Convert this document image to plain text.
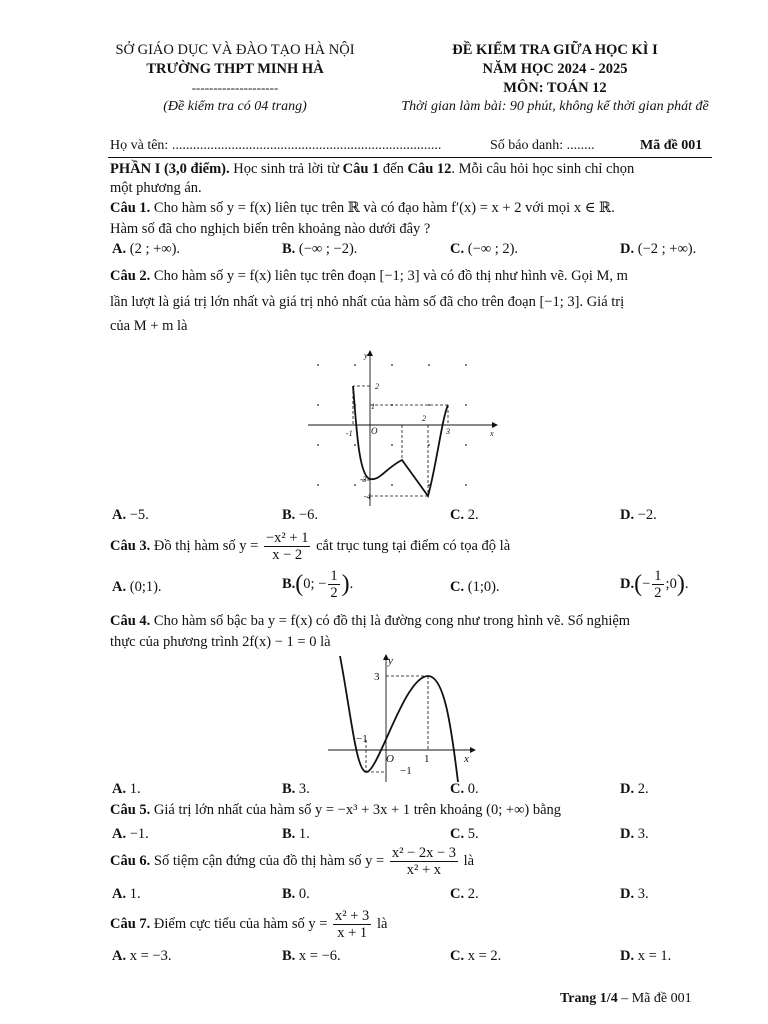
SỞ GIÁO DỤC VÀ ĐÀO TẠO HÀ NỘI
TRƯỜNG THPT MINH HÀ
--------------------
(Đề kiểm tra có 04 trang)
ĐỀ KIỂM TRA GIỮA HỌC KÌ I
NĂM HỌC 2024 - 2025
MÔN: TOÁN 12
Thời gian làm bài: 90 phút, không kể thời gian phát đề
Họ và tên: .............................................................................	Số báo danh: ........	Mã đề 001
PHẦN I (3,0 điểm). Học sinh trả lời từ Câu 1 đến Câu 12. Mỗi câu hỏi học sinh chỉ chọn
một phương án.
Câu 1. Cho hàm số y = f(x) liên tục trên ℝ và có đạo hàm f′(x) = x + 2 với mọi x ∈ ℝ.
Hàm số đã cho nghịch biến trên khoảng nào dưới đây ?
A. (2 ; +∞).	B. (−∞ ; −2).	C. (−∞ ; 2).	D. (−2 ; +∞).
Câu 2. Cho hàm số y = f(x) liên tục trên đoạn [−1; 3] và có đồ thị như hình vẽ. Gọi M, m
lần lượt là giá trị lớn nhất và giá trị nhỏ nhất của hàm số đã cho trên đoạn [−1; 3]. Giá trị
của M + m là
y
x
O
2
1
-1
2
3
-3
-4
A. −5.	B. −6.	C. 2.	D. −2.
Câu 3. Đồ thị hàm số $y = \frac{\text{−x² + 1}}{x - 2}$ cắt trục tung tại điểm có tọa độ là
A. (0;1).	B.(0; − $\frac{1}{2}$ ).	C. (1;0).	$D.(- \frac{1}{2}$ ;0).
Câu 4. Cho hàm số bậc ba y = f(x) có đồ thị là đường cong như trong hình vẽ. Số nghiệm
thực của phương trình 2f(x) − 1 = 0 là
y
x
O
3
−1
1
−1
A. 1.	B. 3.	C. 0.	D. 2.
Câu 5. Giá trị lớn nhất của hàm số y = −x³ + 3x + 1 trên khoảng (0; +∞) bằng
A. −1.	B. 1.	C. 5.	D. 3.
Câu 6. Số tiệm cận đứng của đồ thị hàm số $y = \frac{\text{x² − 2x − 3}}{\text{x² + x}}$ là
A. 1.	B. 0.	C. 2.	D. 3.
Câu 7. Điểm cực tiểu của hàm số $y = \frac{\text{x² + 3}}{x + 1}$ là
A. x = −3.	B. x = −6.	C. x = 2.	D. x = 1.
Trang 1/4 – Mã đề 001
